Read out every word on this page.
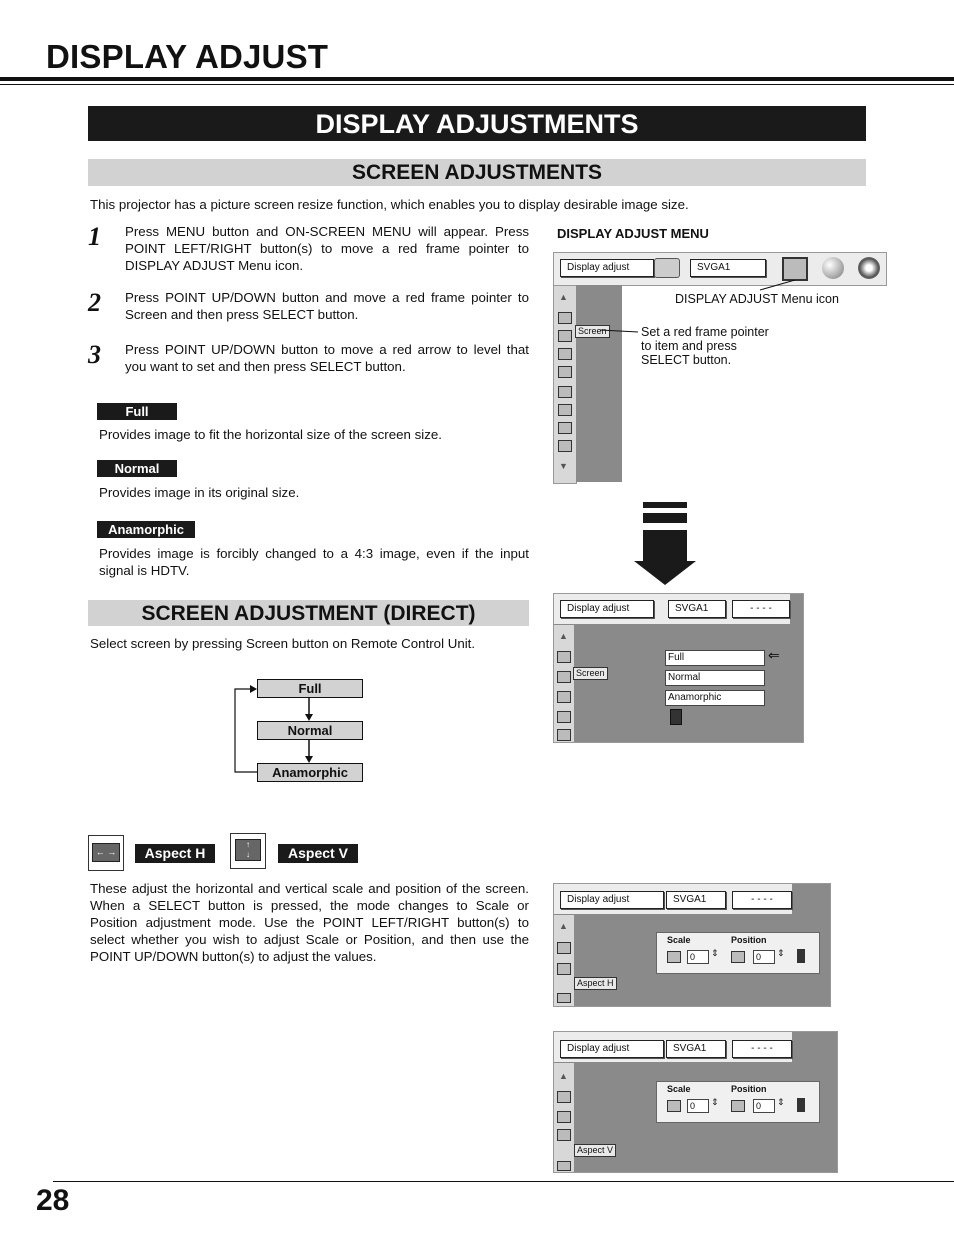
DISPLAY ADJUST
DISPLAY ADJUSTMENTS
SCREEN ADJUSTMENTS
This projector has a picture screen resize function, which enables you to display desirable image size.
1 Press MENU button and ON-SCREEN MENU will appear. Press POINT LEFT/RIGHT button(s) to move a red frame pointer to DISPLAY ADJUST Menu icon.
2 Press POINT UP/DOWN button and move a red frame pointer to Screen and then press SELECT button.
3 Press POINT UP/DOWN button to move a red arrow to level that you want to set and then press SELECT button.
Full
Provides image to fit the horizontal size of the screen size.
Normal
Provides image in its original size.
Anamorphic
Provides image is forcibly changed to a 4:3 image, even if the input signal is HDTV.
DISPLAY ADJUST MENU
Display adjust	SVGA1
▲
▼
Screen
DISPLAY ADJUST Menu icon
Set a red frame pointer to item and press SELECT button.
Display adjust	SVGA1	- - - -
▲
Screen
Full	⇐
Normal
Anamorphic
SCREEN ADJUSTMENT (DIRECT)
Select screen by pressing Screen button on Remote Control Unit.
Full
Normal
Anamorphic
← →	Aspect H
↑
↓	Aspect V
These adjust the horizontal and vertical scale and position of the screen. When a SELECT button is pressed, the mode changes to Scale or Position adjustment mode. Use the POINT LEFT/RIGHT button(s) to select whether you wish to adjust Scale or Position, and then use the POINT UP/DOWN button(s) to adjust the values.
Display adjust	SVGA1	- - - -
▲
Aspect H
Scale	Position
0	⇕	0	⇕
Display adjust	SVGA1	- - - -
▲
Aspect V
Scale	Position
0	⇕	0	⇕
28
